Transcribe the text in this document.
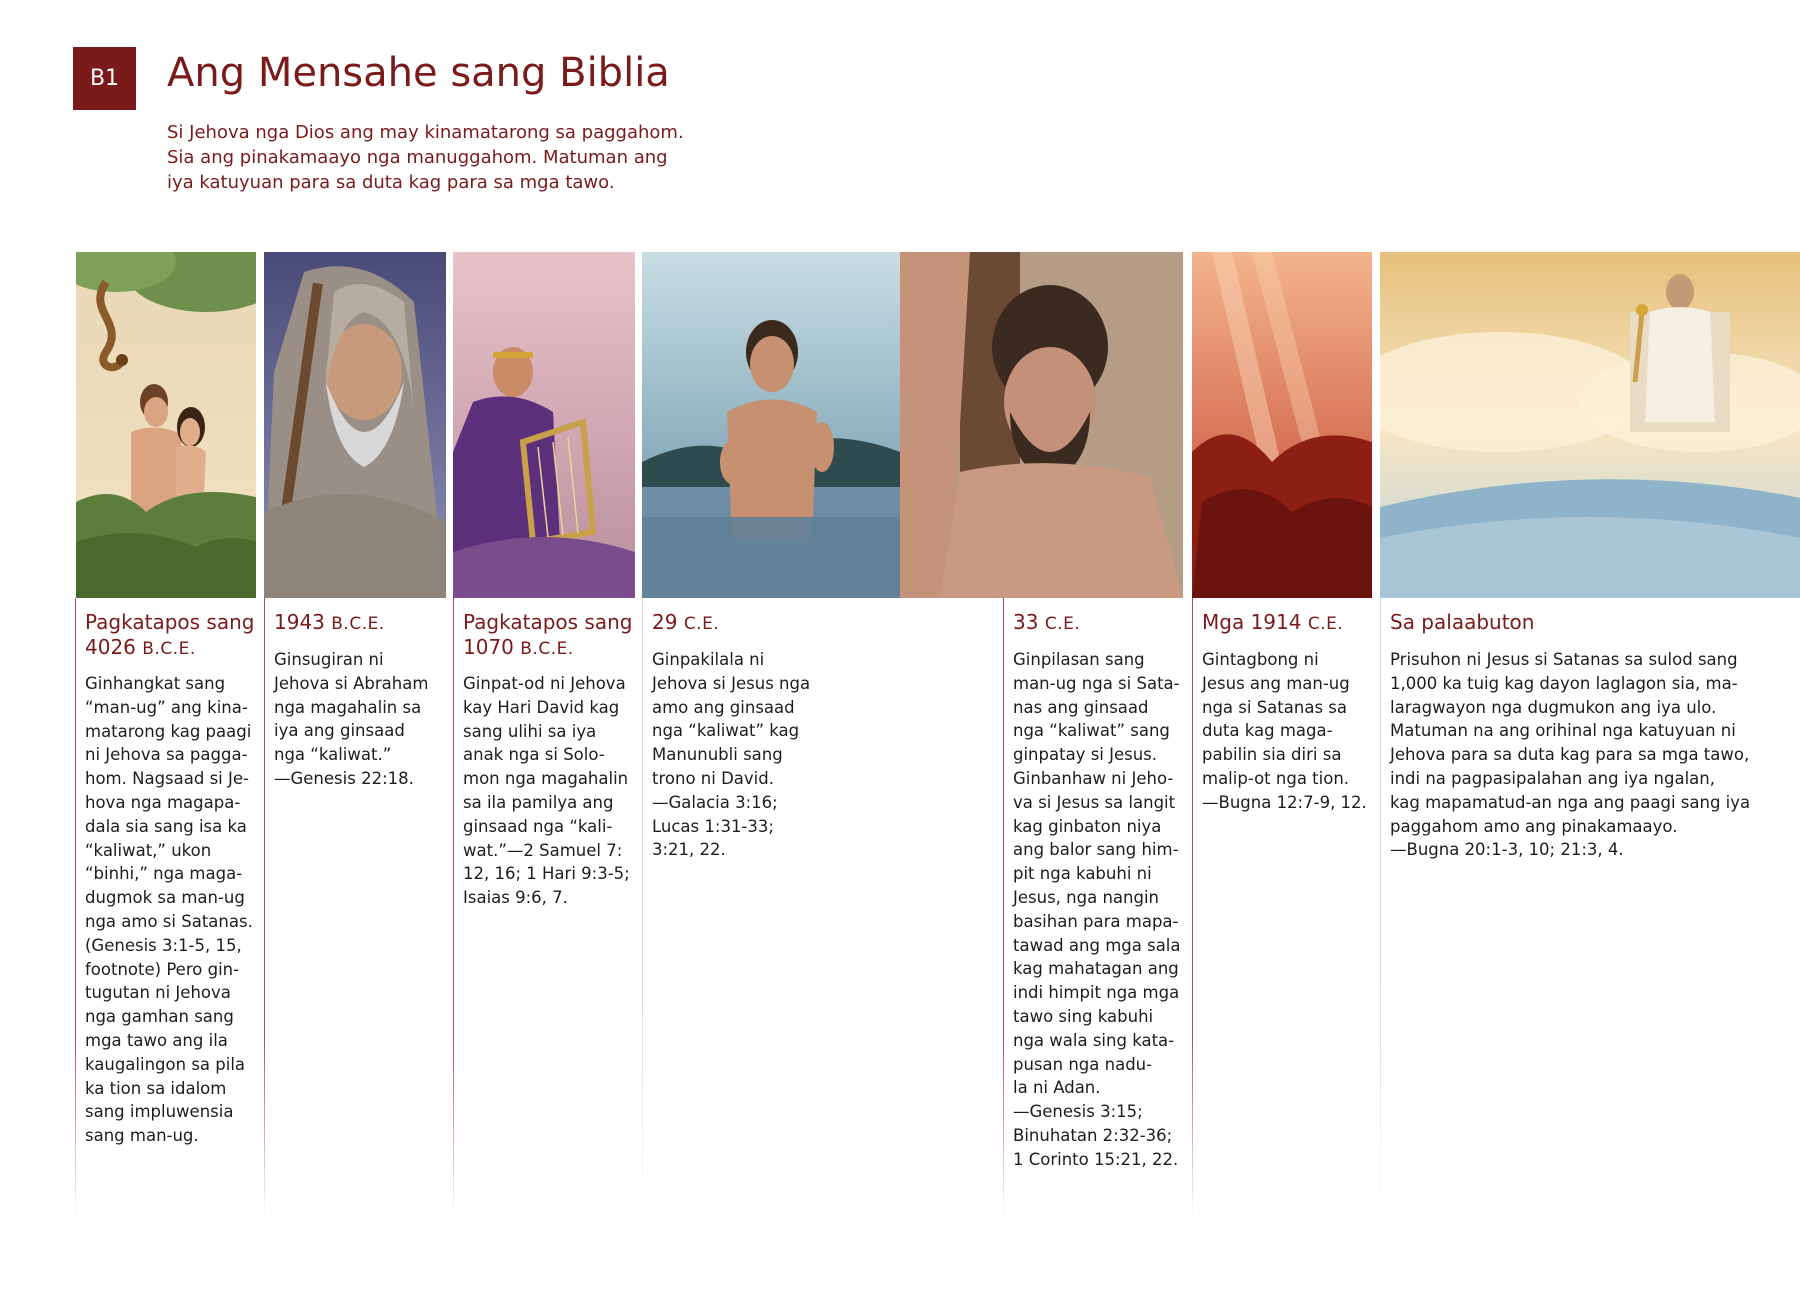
B1	Ang Mensahe sang Biblia

Si Jehova nga Dios ang may kinamatarong sa paggahom. Sia ang pinakamaayo nga manuggahom. Matuman ang iya katuyuan para sa duta kag para sa mga tawo.

Pagkatapos sang 4026 B.C.E.
Ginhangkat sang
“man-ug” ang kina-
matarong kag paagi
ni Jehova sa pagga-
hom. Nagsaad si Je-
hova nga magapa-
dala sia sang isa ka
“kaliwat,” ukon
“binhi,” nga maga-
dugmok sa man-ug
nga amo si Satanas.
(Genesis 3:1-5, 15,
footnote) Pero gin-
tugutan ni Jehova
nga gamhan sang
mga tawo ang ila
kaugalingon sa pila
ka tion sa idalom
sang impluwensia
sang man-ug.
1943 B.C.E.
Ginsugiran ni
Jehova si Abraham
nga magahalin sa
iya ang ginsaad
nga “kaliwat.”
—Genesis 22:18.
Pagkatapos sang 1070 B.C.E.
Ginpat-od ni Jehova
kay Hari David kag
sang ulihi sa iya
anak nga si Solo-
mon nga magahalin
sa ila pamilya ang
ginsaad nga “kali-
wat.”—2 Samuel 7:
12, 16; 1 Hari 9:3-5;
Isaias 9:6, 7.
29 C.E.
Ginpakilala ni
Jehova si Jesus nga
amo ang ginsaad
nga “kaliwat” kag
Manunubli sang
trono ni David.
—Galacia 3:16;
Lucas 1:31-33;
3:21, 22.
33 C.E.
Ginpilasan sang
man-ug nga si Sata-
nas ang ginsaad
nga “kaliwat” sang
ginpatay si Jesus.
Ginbanhaw ni Jeho-
va si Jesus sa langit
kag ginbaton niya
ang balor sang him-
pit nga kabuhi ni
Jesus, nga nangin
basihan para mapa-
tawad ang mga sala
kag mahatagan ang
indi himpit nga mga
tawo sing kabuhi
nga wala sing kata-
pusan nga nadu-
la ni Adan.
—Genesis 3:15;
Binuhatan 2:32-36;
1 Corinto 15:21, 22.
Mga 1914 C.E.
Gintagbong ni
Jesus ang man-ug
nga si Satanas sa
duta kag maga-
pabilin sia diri sa
malip-ot nga tion.
—Bugna 12:7-9, 12.
Sa palaabuton
Prisuhon ni Jesus si Satanas sa sulod sang
1,000 ka tuig kag dayon laglagon sia, ma-
laragwayon nga dugmukon ang iya ulo.
Matuman na ang orihinal nga katuyuan ni
Jehova para sa duta kag para sa mga tawo,
indi na pagpasipalahan ang iya ngalan,
kag mapamatud-an nga ang paagi sang iya
paggahom amo ang pinakamaayo.
—Bugna 20:1-3, 10; 21:3, 4.
